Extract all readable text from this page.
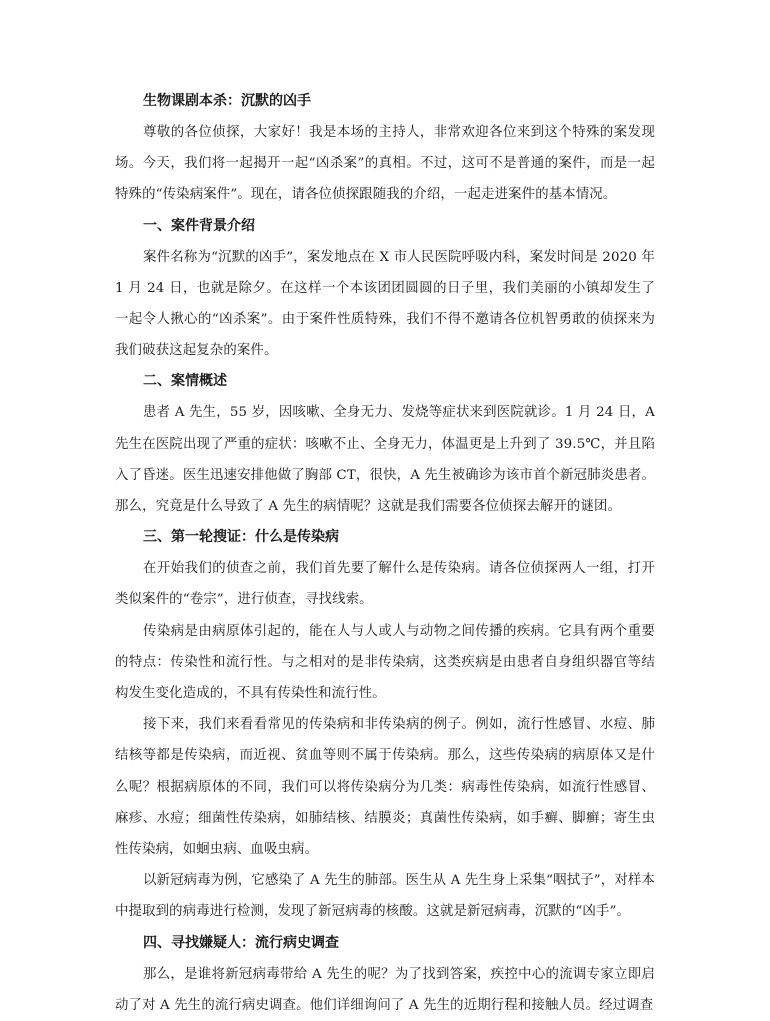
生物课剧本杀：沉默的凶手

尊敬的各位侦探，大家好！我是本场的主持人，非常欢迎各位来到这个特殊的案发现场。今天，我们将一起揭开一起“凶杀案”的真相。不过，这可不是普通的案件，而是一起特殊的“传染病案件”。现在，请各位侦探跟随我的介绍，一起走进案件的基本情况。

一、案件背景介绍

案件名称为“沉默的凶手”，案发地点在 X 市人民医院呼吸内科，案发时间是 2020 年 1 月 24 日，也就是除夕。在这样一个本该团团圆圆的日子里，我们美丽的小镇却发生了一起令人揪心的“凶杀案”。由于案件性质特殊，我们不得不邀请各位机智勇敢的侦探来为我们破获这起复杂的案件。

二、案情概述

患者 A 先生，55 岁，因咳嗽、全身无力、发烧等症状来到医院就诊。1 月 24 日，A 先生在医院出现了严重的症状：咳嗽不止、全身无力，体温更是上升到了 39.5℃，并且陷入了昏迷。医生迅速安排他做了胸部 CT，很快，A 先生被确诊为该市首个新冠肺炎患者。那么，究竟是什么导致了 A 先生的病情呢？这就是我们需要各位侦探去解开的谜团。

三、第一轮搜证：什么是传染病

在开始我们的侦查之前，我们首先要了解什么是传染病。请各位侦探两人一组，打开类似案件的“卷宗”，进行侦查，寻找线索。

传染病是由病原体引起的，能在人与人或人与动物之间传播的疾病。它具有两个重要的特点：传染性和流行性。与之相对的是非传染病，这类疾病是由患者自身组织器官等结构发生变化造成的，不具有传染性和流行性。

接下来，我们来看看常见的传染病和非传染病的例子。例如，流行性感冒、水痘、肺结核等都是传染病，而近视、贫血等则不属于传染病。那么，这些传染病的病原体又是什么呢？根据病原体的不同，我们可以将传染病分为几类：病毒性传染病，如流行性感冒、麻疹、水痘；细菌性传染病，如肺结核、结膜炎；真菌性传染病，如手癣、脚癣；寄生虫性传染病，如蛔虫病、血吸虫病。

以新冠病毒为例，它感染了 A 先生的肺部。医生从 A 先生身上采集“咽拭子”，对样本中提取到的病毒进行检测，发现了新冠病毒的核酸。这就是新冠病毒，沉默的“凶手”。

四、寻找嫌疑人：流行病史调查

那么，是谁将新冠病毒带给 A 先生的呢？为了找到答案，疾控中心的流调专家立即启动了对 A 先生的流行病史调查。他们详细询问了 A 先生的近期行程和接触人员。经过调查
